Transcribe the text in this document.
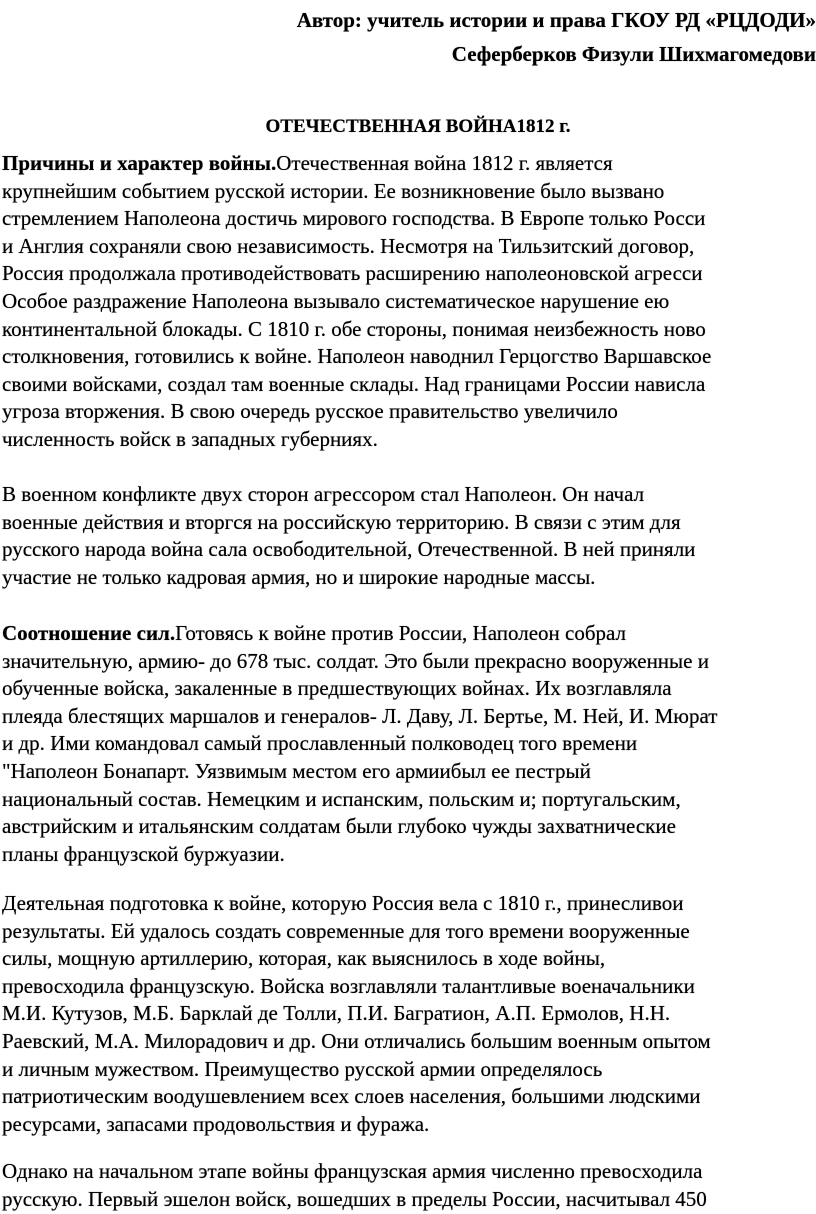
Автор: учитель истории и права ГКОУ РД «РЦДОДИ»
Сеферберков Физули Шихмагомедови
ОТЕЧЕСТВЕННАЯ ВОЙНА1812 г.
Причины и характер войны.Отечественная война 1812 г. является
крупнейшим событием русской истории. Ее возникновение было вызвано
стремлением Наполеона достичь мирового господства. В Европе только Росси
и Англия сохраняли свою независимость. Несмотря на Тильзитский договор,
Россия продолжала противодействовать расширению наполеоновской агресси
Особое раздражение Наполеона вызывало систематическое нарушение ею
континентальной блокады. С 1810 г. обе стороны, понимая неизбежность ново
столкновения, готовились к войне. Наполеон наводнил Герцогство Варшавское
своими войсками, создал там военные склады. Над границами России нависла
угроза вторжения. В свою очередь русское правительство увеличило
численность войск в западных губерниях.
В военном конфликте двух сторон агрессором стал Наполеон. Он начал
военные действия и вторгся на российскую территорию. В связи с этим для
русского народа война сала освободительной, Отечественной. В ней приняли
участие не только кадровая армия, но и широкие народные массы.
Соотношение сил.Готовясь к войне против России, Наполеон собрал
значительную, армию- до 678 тыс. солдат. Это были прекрасно вооруженные и
обученные войска, закаленные в предшествующих войнах. Их возглавляла
плеяда блестящих маршалов и генералов- Л. Даву, Л. Бертье, М. Ней, И. Мюрат
и др. Ими командовал самый прославленный полководец того времени
"Наполеон Бонапарт. Уязвимым местом его армиибыл ее пестрый
национальный состав. Немецким и испанским, польским и; португальским,
австрийским и итальянским солдатам были глубоко чужды захватнические
планы французской буржуазии.
Деятельная подготовка к войне, которую Россия вела с 1810 г., принесливои
результаты. Ей удалось создать современные для того времени вооруженные
силы, мощную артиллерию, которая, как выяснилось в ходе войны,
превосходила французскую. Войска возглавляли талантливые военачальники
М.И. Кутузов, М.Б. Барклай де Толли, П.И. Багратион, А.П. Ермолов, Н.Н.
Раевский, М.А. Милорадович и др. Они отличались большим военным опытом
и личным мужеством. Преимущество русской армии определялось
патриотическим воодушевлением всех слоев населения, большими людскими
ресурсами, запасами продовольствия и фуража.
Однако на начальном этапе войны французская армия численно превосходила
русскую. Первый эшелон войск, вошедших в пределы России, насчитывал 450
